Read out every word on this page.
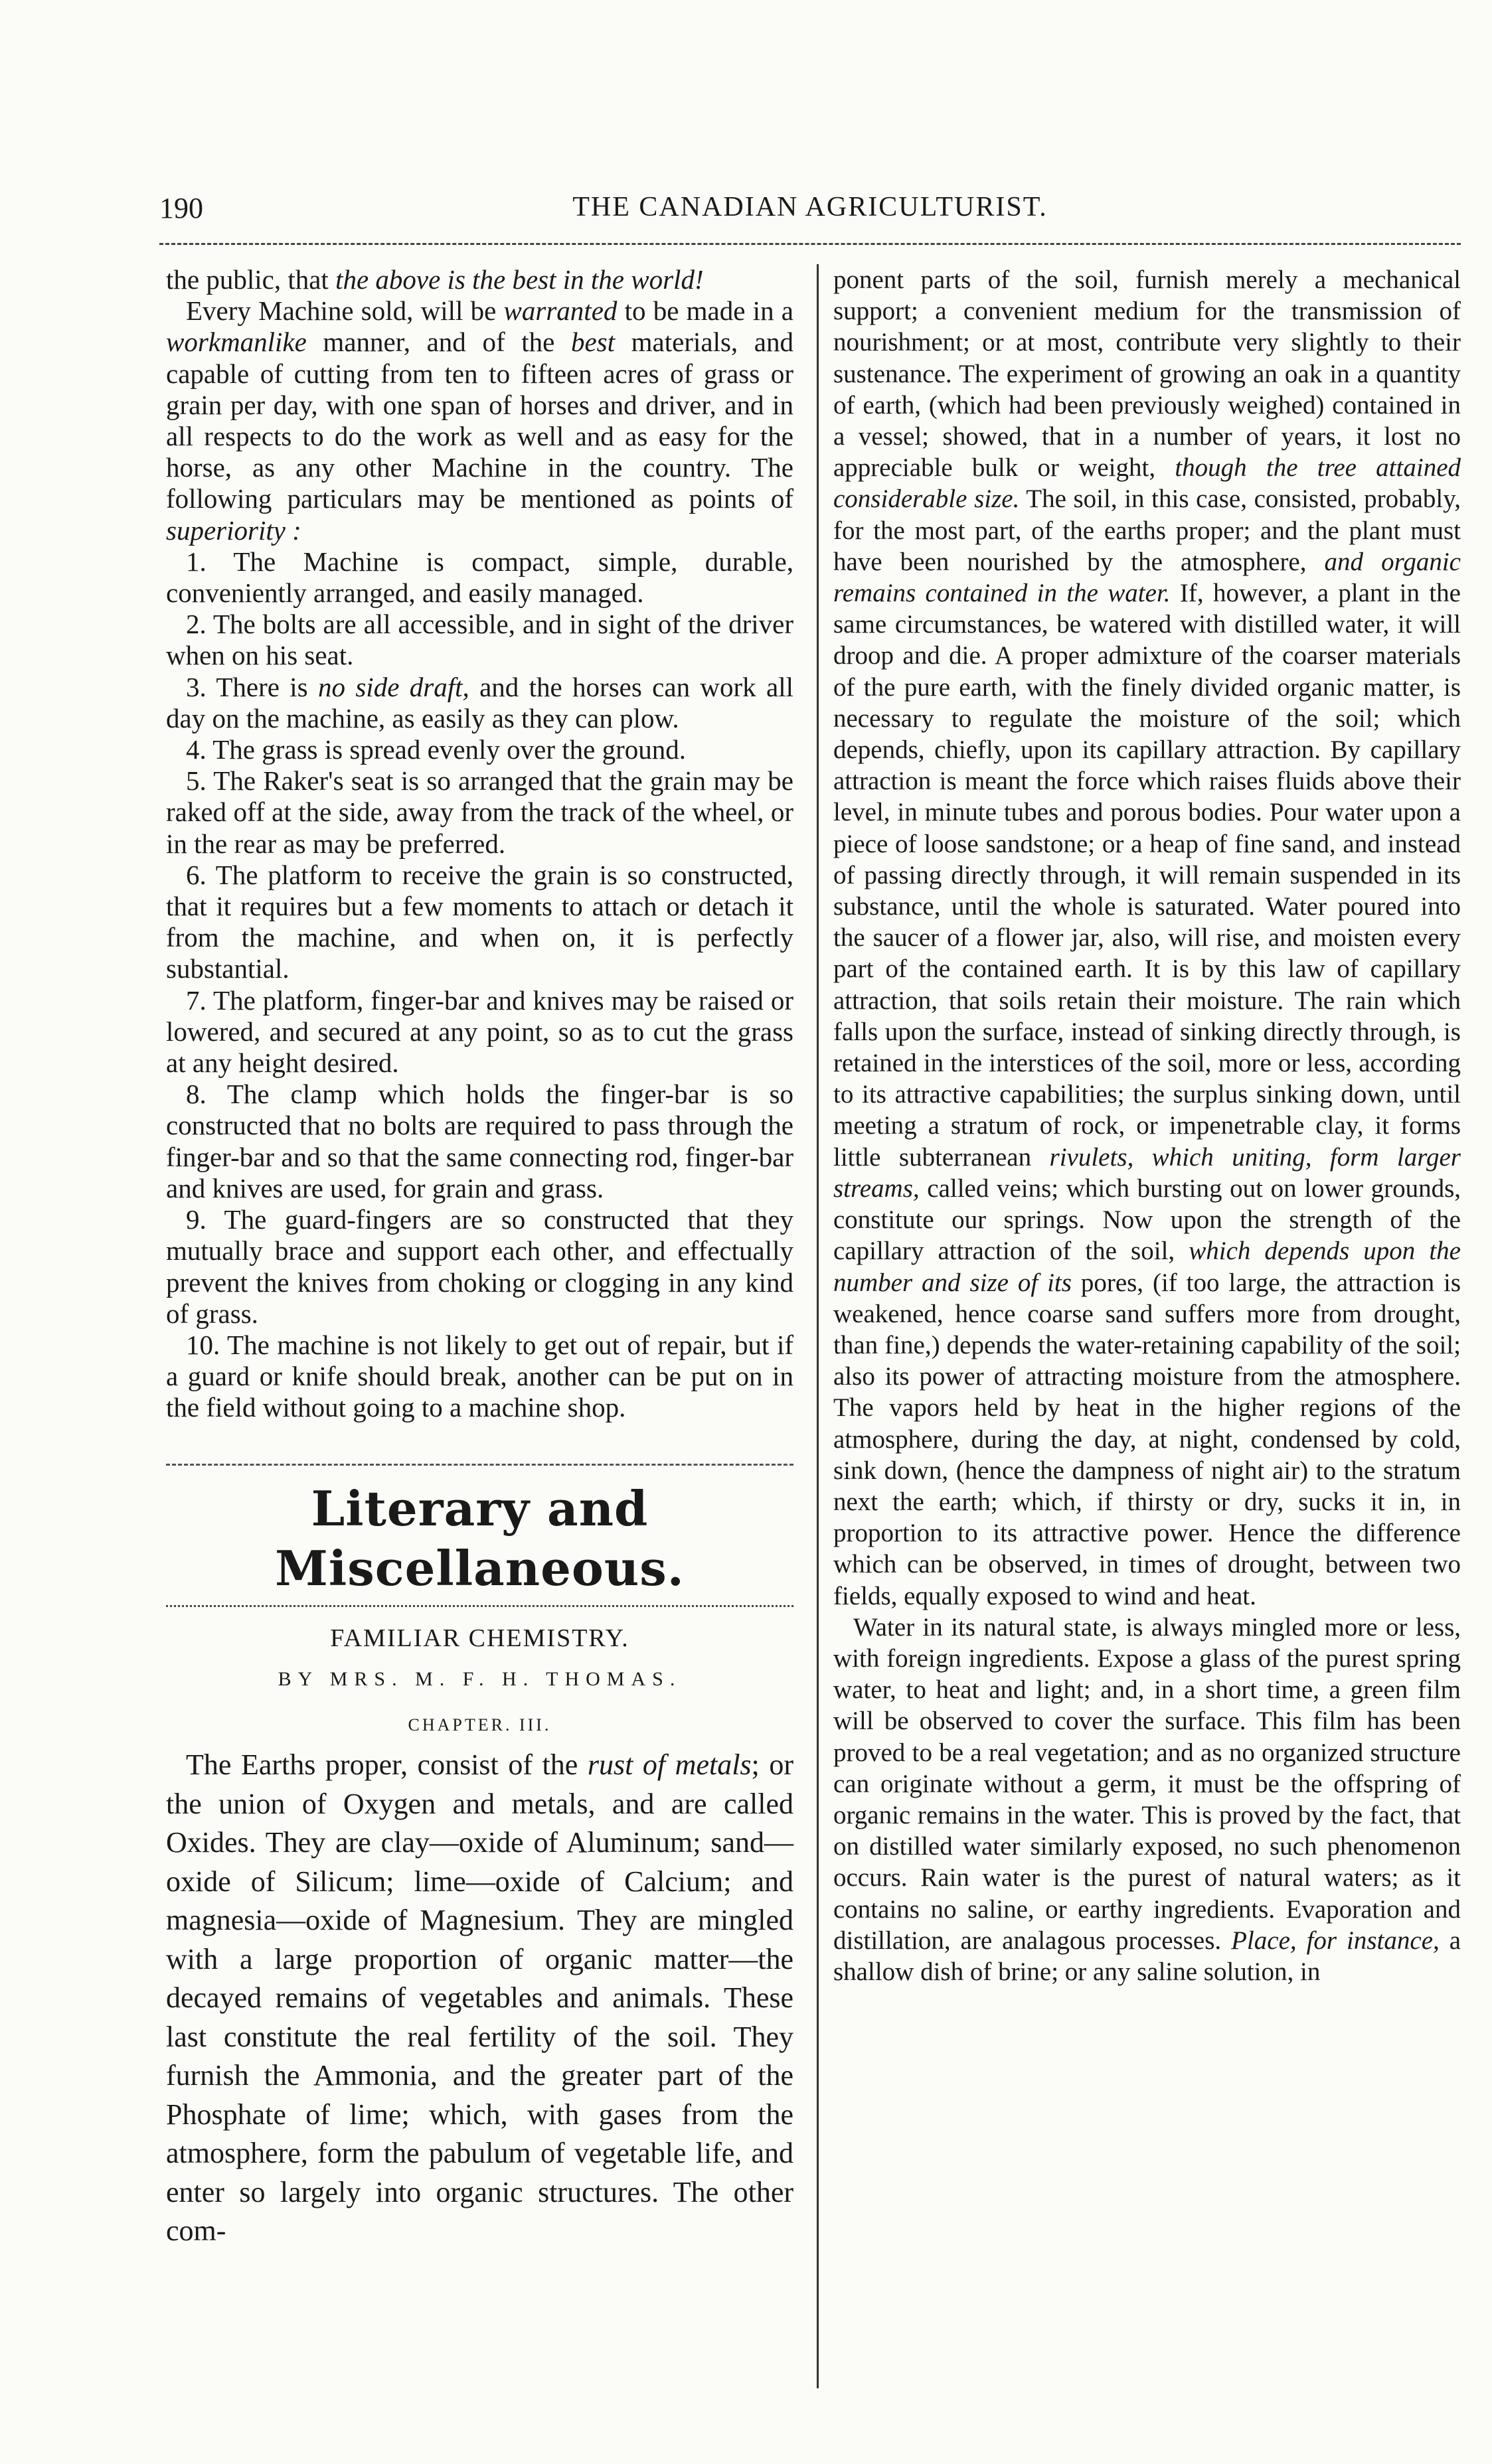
190	THE CANADIAN AGRICULTURIST.

the public, that the above is the best in the world!

Every Machine sold, will be warranted to be made in a workmanlike manner, and of the best materials, and capable of cutting from ten to fifteen acres of grass or grain per day, with one span of horses and driver, and in all respects to do the work as well and as easy for the horse, as any other Machine in the country. The following particulars may be mentioned as points of superiority :

1. The Machine is compact, simple, durable, conveniently arranged, and easily managed.

2. The bolts are all accessible, and in sight of the driver when on his seat.

3. There is no side draft, and the horses can work all day on the machine, as easily as they can plow.

4. The grass is spread evenly over the ground.

5. The Raker's seat is so arranged that the grain may be raked off at the side, away from the track of the wheel, or in the rear as may be preferred.

6. The platform to receive the grain is so constructed, that it requires but a few moments to attach or detach it from the machine, and when on, it is perfectly substantial.

7. The platform, finger-bar and knives may be raised or lowered, and secured at any point, so as to cut the grass at any height desired.

8. The clamp which holds the finger-bar is so constructed that no bolts are required to pass through the finger-bar and so that the same connecting rod, finger-bar and knives are used, for grain and grass.

9. The guard-fingers are so constructed that they mutually brace and support each other, and effectually prevent the knives from choking or clogging in any kind of grass.

10. The machine is not likely to get out of repair, but if a guard or knife should break, another can be put on in the field without going to a machine shop.

Literary and Miscellaneous.
FAMILIAR CHEMISTRY.
BY MRS. M. F. H. THOMAS.
CHAPTER. III.

The Earths proper, consist of the rust of metals; or the union of Oxygen and metals, and are called Oxides. They are clay—oxide of Aluminum; sand—oxide of Silicum; lime—oxide of Calcium; and magnesia—oxide of Magnesium. They are mingled with a large proportion of organic matter—the decayed remains of vegetables and animals. These last constitute the real fertility of the soil. They furnish the Ammonia, and the greater part of the Phosphate of lime; which, with gases from the atmosphere, form the pabulum of vegetable life, and enter so largely into organic structures. The other com-

ponent parts of the soil, furnish merely a mechanical support; a convenient medium for the transmission of nourishment; or at most, contribute very slightly to their sustenance. The experiment of growing an oak in a quantity of earth, (which had been previously weighed) contained in a vessel; showed, that in a number of years, it lost no appreciable bulk or weight, though the tree attained considerable size. The soil, in this case, consisted, probably, for the most part, of the earths proper; and the plant must have been nourished by the atmosphere, and organic remains contained in the water. If, however, a plant in the same circumstances, be watered with distilled water, it will droop and die. A proper admixture of the coarser materials of the pure earth, with the finely divided organic matter, is necessary to regulate the moisture of the soil; which depends, chiefly, upon its capillary attraction. By capillary attraction is meant the force which raises fluids above their level, in minute tubes and porous bodies. Pour water upon a piece of loose sandstone; or a heap of fine sand, and instead of passing directly through, it will remain suspended in its substance, until the whole is saturated. Water poured into the saucer of a flower jar, also, will rise, and moisten every part of the contained earth. It is by this law of capillary attraction, that soils retain their moisture. The rain which falls upon the surface, instead of sinking directly through, is retained in the interstices of the soil, more or less, according to its attractive capabilities; the surplus sinking down, until meeting a stratum of rock, or impenetrable clay, it forms little subterranean rivulets, which uniting, form larger streams, called veins; which bursting out on lower grounds, constitute our springs. Now upon the strength of the capillary attraction of the soil, which depends upon the number and size of its pores, (if too large, the attraction is weakened, hence coarse sand suffers more from drought, than fine,) depends the water-retaining capability of the soil; also its power of attracting moisture from the atmosphere. The vapors held by heat in the higher regions of the atmosphere, during the day, at night, condensed by cold, sink down, (hence the dampness of night air) to the stratum next the earth; which, if thirsty or dry, sucks it in, in proportion to its attractive power. Hence the difference which can be observed, in times of drought, between two fields, equally exposed to wind and heat.

Water in its natural state, is always mingled more or less, with foreign ingredients. Expose a glass of the purest spring water, to heat and light; and, in a short time, a green film will be observed to cover the surface. This film has been proved to be a real vegetation; and as no organized structure can originate without a germ, it must be the offspring of organic remains in the water. This is proved by the fact, that on distilled water similarly exposed, no such phenomenon occurs. Rain water is the purest of natural waters; as it contains no saline, or earthy ingredients. Evaporation and distillation, are analagous processes. Place, for instance, a shallow dish of brine; or any saline solution, in
